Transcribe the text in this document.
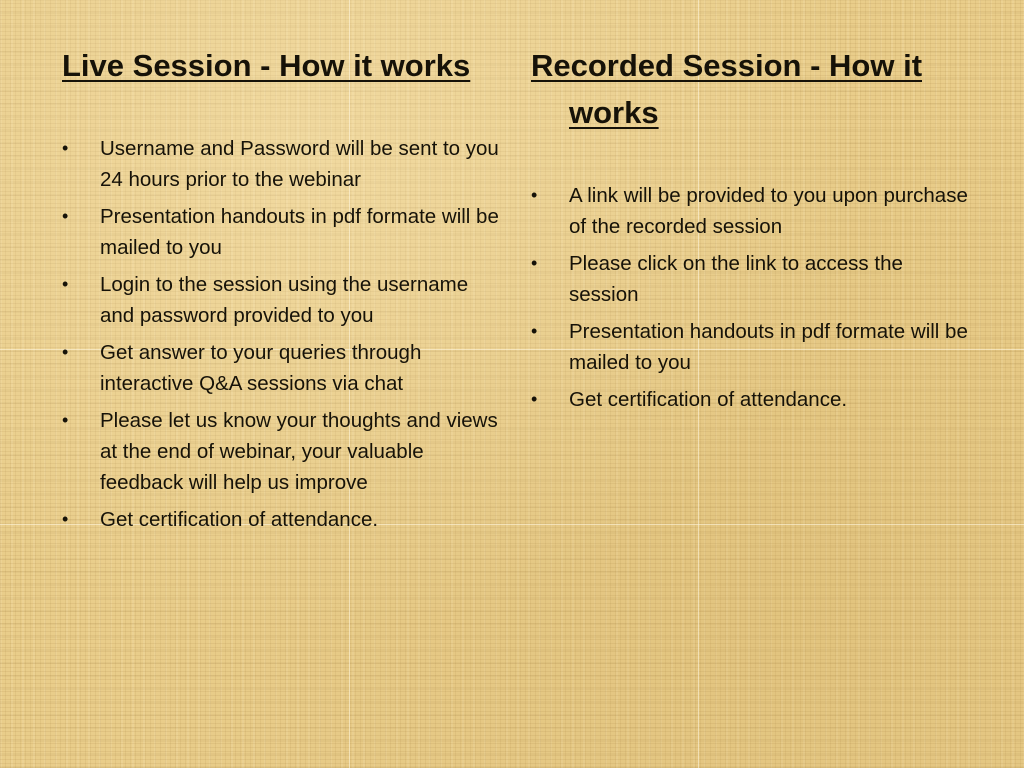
Live Session - How it works
• Username and Password will be sent to you 24 hours prior to the webinar
• Presentation handouts in pdf formate will be mailed to you
• Login to the session using the username and password provided to you
• Get answer to your queries through interactive Q&A sessions via chat
• Please let us know your thoughts and views at the end of webinar, your valuable feedback will help us improve
• Get certification of attendance.
Recorded Session - How it works
• A link will be provided to you upon purchase of the recorded session
• Please click on the link to access the session
• Presentation handouts in pdf formate will be mailed to you
• Get certification of attendance.
